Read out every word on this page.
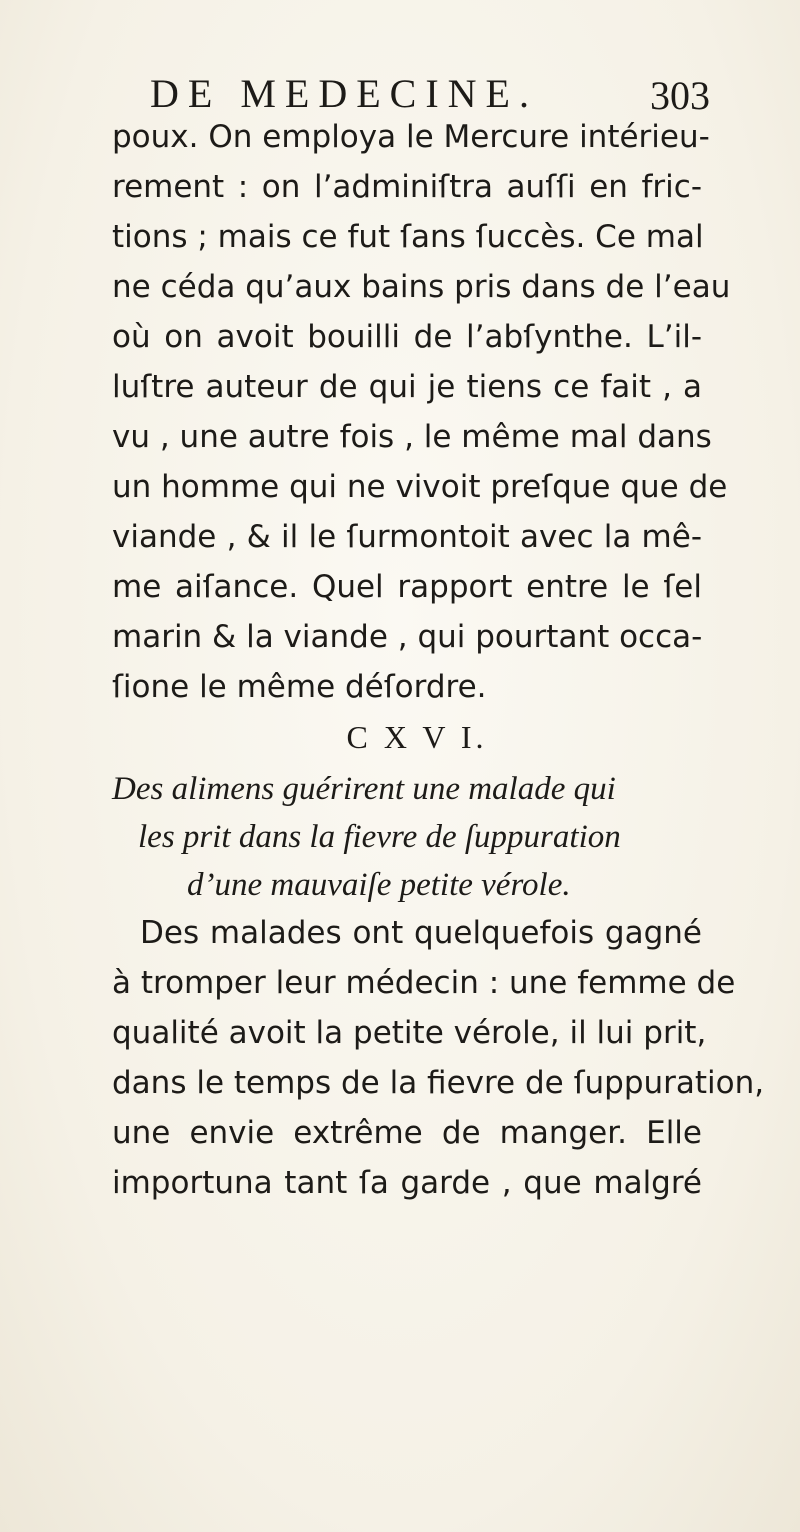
DE MEDECINE.	303
poux. On employa le Mercure intérieu-
rement : on l’adminiſtra auſſi en fric-
tions ; mais ce fut ſans ſuccès. Ce mal
ne céda qu’aux bains pris dans de l’eau
où on avoit bouilli de l’abſynthe. L’il-
luſtre auteur de qui je tiens ce fait , a
vu , une autre fois , le même mal dans
un homme qui ne vivoit preſque que de
viande , & il le ſurmontoit avec la mê-
me aiſance. Quel rapport entre le ſel
marin & la viande , qui pourtant occa-
ſione le même déſordre.
C X V I.
Des alimens guérirent une malade qui
les prit dans la fievre de ſuppuration
d’une mauvaiſe petite vérole.
Des malades ont quelquefois gagné
à tromper leur médecin : une femme de
qualité avoit la petite vérole, il lui prit,
dans le temps de la fievre de ſuppuration,
une envie extrême de manger. Elle
importuna tant ſa garde , que malgré
